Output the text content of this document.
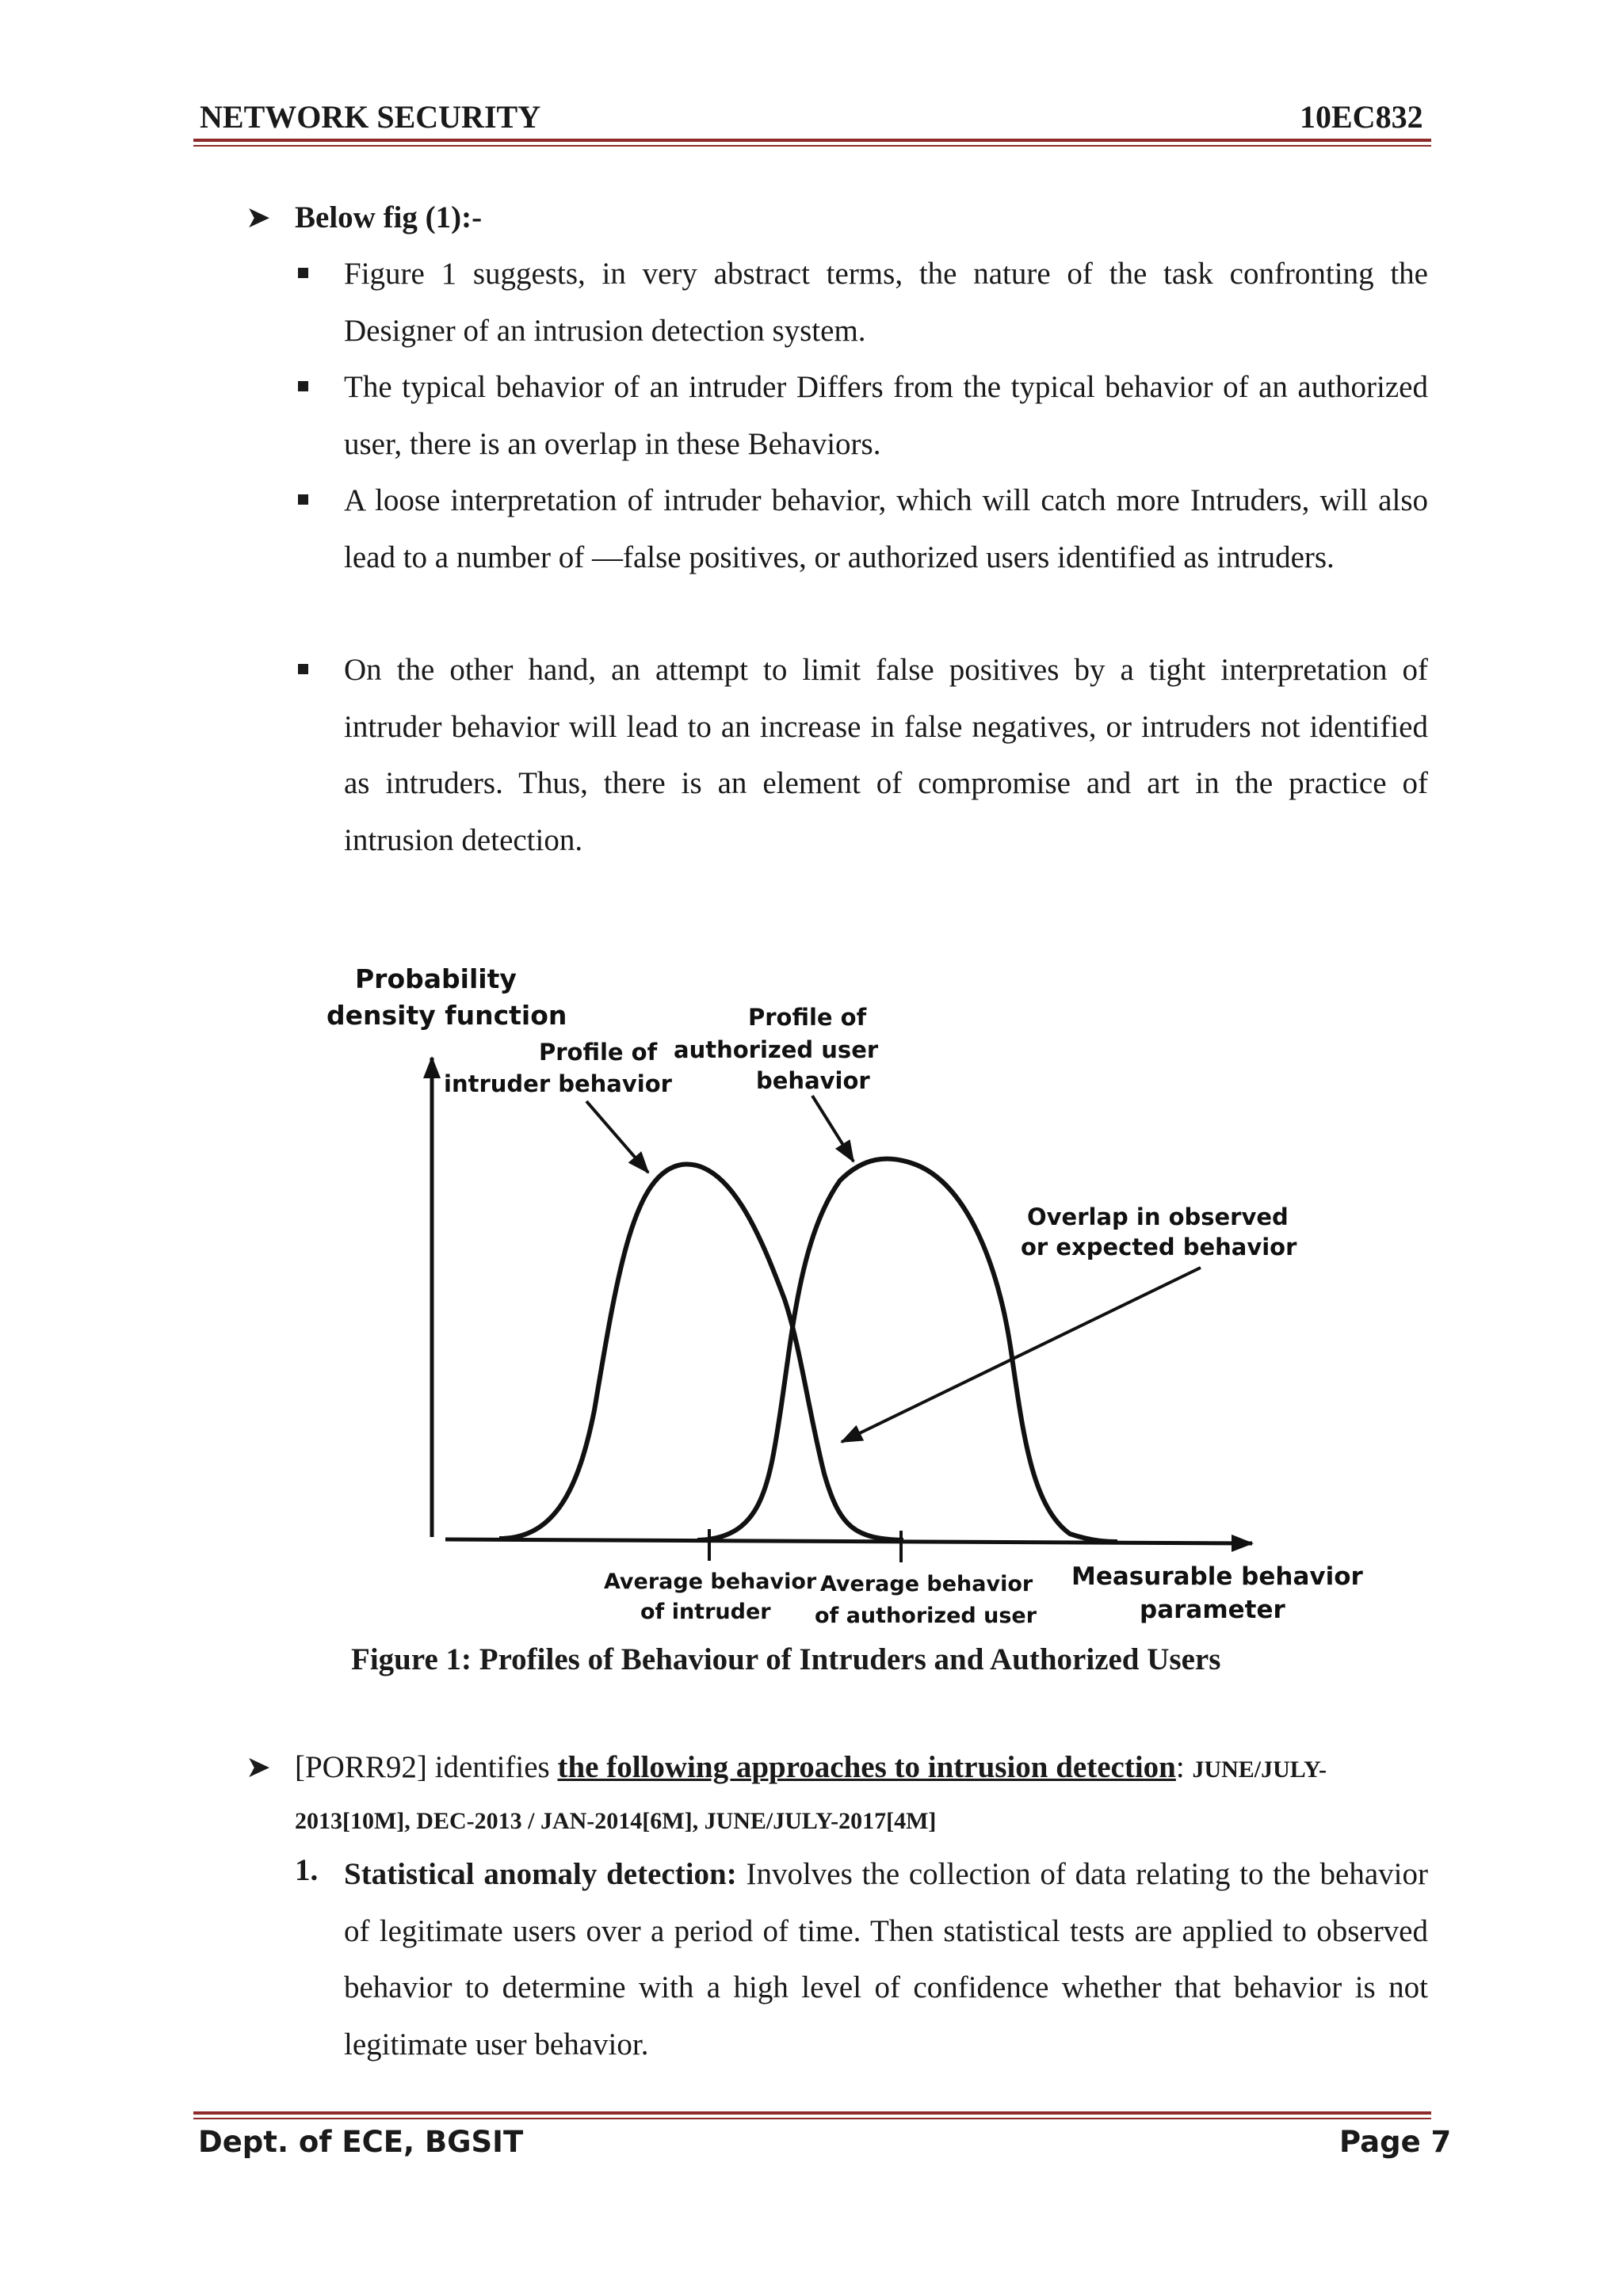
NETWORK SECURITY	10EC832
➤ Below fig (1):-
Figure 1 suggests, in very abstract terms, the nature of the task confronting the Designer of an intrusion detection system.
The typical behavior of an intruder Differs from the typical behavior of an authorized user, there is an overlap in these Behaviors.
A loose interpretation of intruder behavior, which will catch more Intruders, will also lead to a number of ―false positives, or authorized users identified as intruders.
On the other hand, an attempt to limit false positives by a tight interpretation of intruder behavior will lead to an increase in false negatives, or intruders not identified as intruders. Thus, there is an element of compromise and art in the practice of intrusion detection.
Probability
density function
Profile of
intruder behavior
Profile of
authorized user
behavior
Overlap in observed
or expected behavior
Average behavior
of intruder
Average behavior
of authorized user
Measurable behavior
parameter
Figure 1: Profiles of Behaviour of Intruders and Authorized Users
➤ [PORR92] identifies the following approaches to intrusion detection: JUNE/JULY-
2013[10M], DEC-2013 / JAN-2014[6M], JUNE/JULY-2017[4M]
1. Statistical anomaly detection: Involves the collection of data relating to the behavior of legitimate users over a period of time. Then statistical tests are applied to observed behavior to determine with a high level of confidence whether that behavior is not legitimate user behavior.
Dept. of ECE, BGSIT	Page 7
